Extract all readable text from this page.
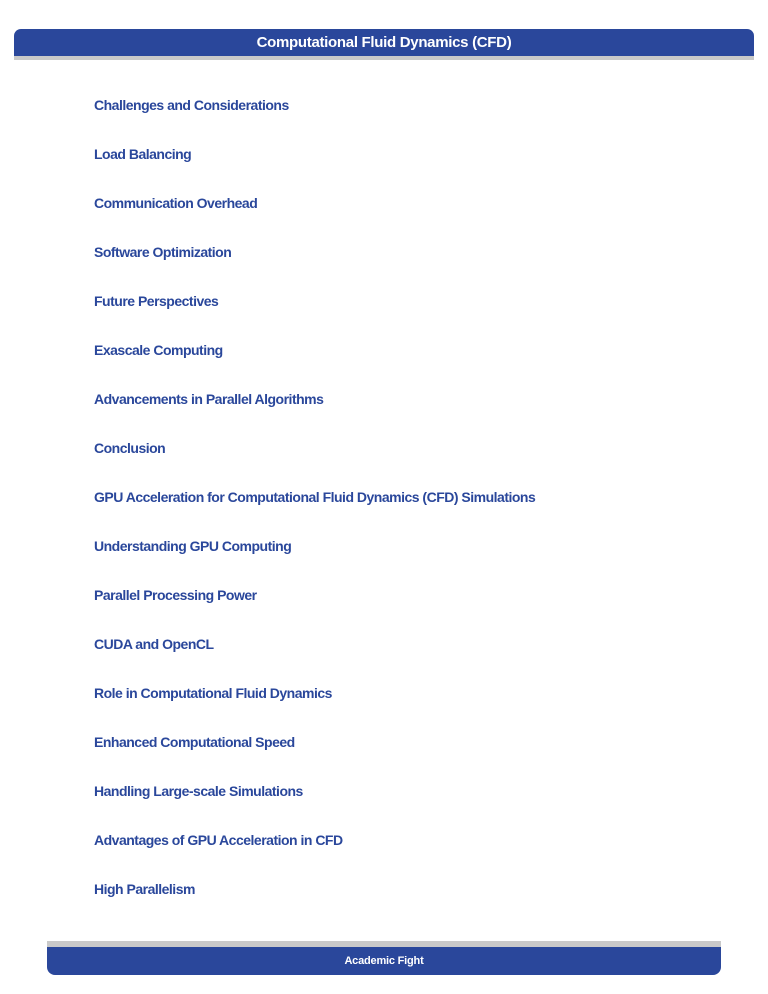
Computational Fluid Dynamics (CFD)
Challenges and Considerations
Load Balancing
Communication Overhead
Software Optimization
Future Perspectives
Exascale Computing
Advancements in Parallel Algorithms
Conclusion
GPU Acceleration for Computational Fluid Dynamics (CFD) Simulations
Understanding GPU Computing
Parallel Processing Power
CUDA and OpenCL
Role in Computational Fluid Dynamics
Enhanced Computational Speed
Handling Large-scale Simulations
Advantages of GPU Acceleration in CFD
High Parallelism
Academic Fight
